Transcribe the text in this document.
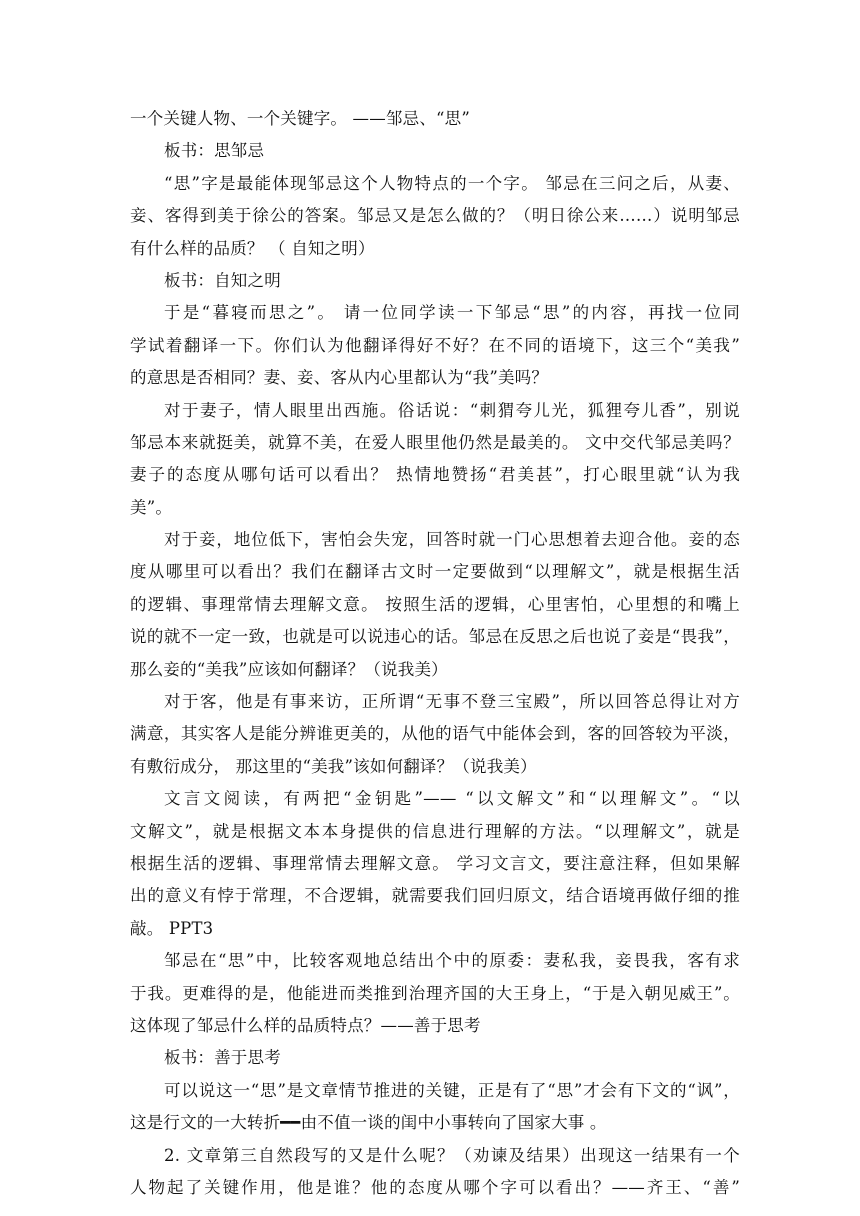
一个关键人物、一个关键字。 ——邹忌、“思”
板书：思邹忌
“思”字是最能体现邹忌这个人物特点的一个字。 邹忌在三问之后，从妻、
妾、客得到美于徐公的答案。邹忌又是怎么做的？（明日徐公来……）说明邹忌
有什么样的品质？ （ 自知之明）
板书：自知之明
于是“暮寝而思之”。 请一位同学读一下邹忌“思”的内容，再找一位同
学试着翻译一下。你们认为他翻译得好不好？在不同的语境下，这三个“美我”
的意思是否相同？妻、妾、客从内心里都认为“我”美吗？
对于妻子，情人眼里出西施。俗话说：“刺猬夸儿光，狐狸夸儿香”，别说
邹忌本来就挺美，就算不美，在爱人眼里他仍然是最美的。 文中交代邹忌美吗？
妻子的态度从哪句话可以看出？ 热情地赞扬“君美甚”，打心眼里就“认为我
美”。
对于妾，地位低下，害怕会失宠，回答时就一门心思想着去迎合他。妾的态
度从哪里可以看出？我们在翻译古文时一定要做到“以理解文”，就是根据生活
的逻辑、事理常情去理解文意。 按照生活的逻辑，心里害怕，心里想的和嘴上
说的就不一定一致，也就是可以说违心的话。邹忌在反思之后也说了妾是“畏我”，
那么妾的“美我”应该如何翻译？（说我美）
对于客，他是有事来访，正所谓“无事不登三宝殿”，所以回答总得让对方
满意，其实客人是能分辨谁更美的，从他的语气中能体会到，客的回答较为平淡，
有敷衍成分， 那这里的“美我”该如何翻译？（说我美）
文言文阅读，有两把“金钥匙”—— “以文解文”和“以理解文”。“以
文解文”，就是根据文本本身提供的信息进行理解的方法。“以理解文”，就是
根据生活的逻辑、事理常情去理解文意。 学习文言文，要注意注释，但如果解
出的意义有悖于常理，不合逻辑，就需要我们回归原文，结合语境再做仔细的推
敲。 PPT3
邹忌在“思”中，比较客观地总结出个中的原委：妻私我，妾畏我，客有求
于我。更难得的是，他能进而类推到治理齐国的大王身上，“于是入朝见威王”。
这体现了邹忌什么样的品质特点？——善于思考
板书：善于思考
可以说这一“思”是文章情节推进的关键，正是有了“思”才会有下文的“讽”，
这是行文的一大转折━━由不值一谈的闺中小事转向了国家大事 。
2. 文章第三自然段写的又是什么呢？（劝谏及结果）出现这一结果有一个
人物起了关键作用，他是谁？他的态度从哪个字可以看出？——齐王、“善”
